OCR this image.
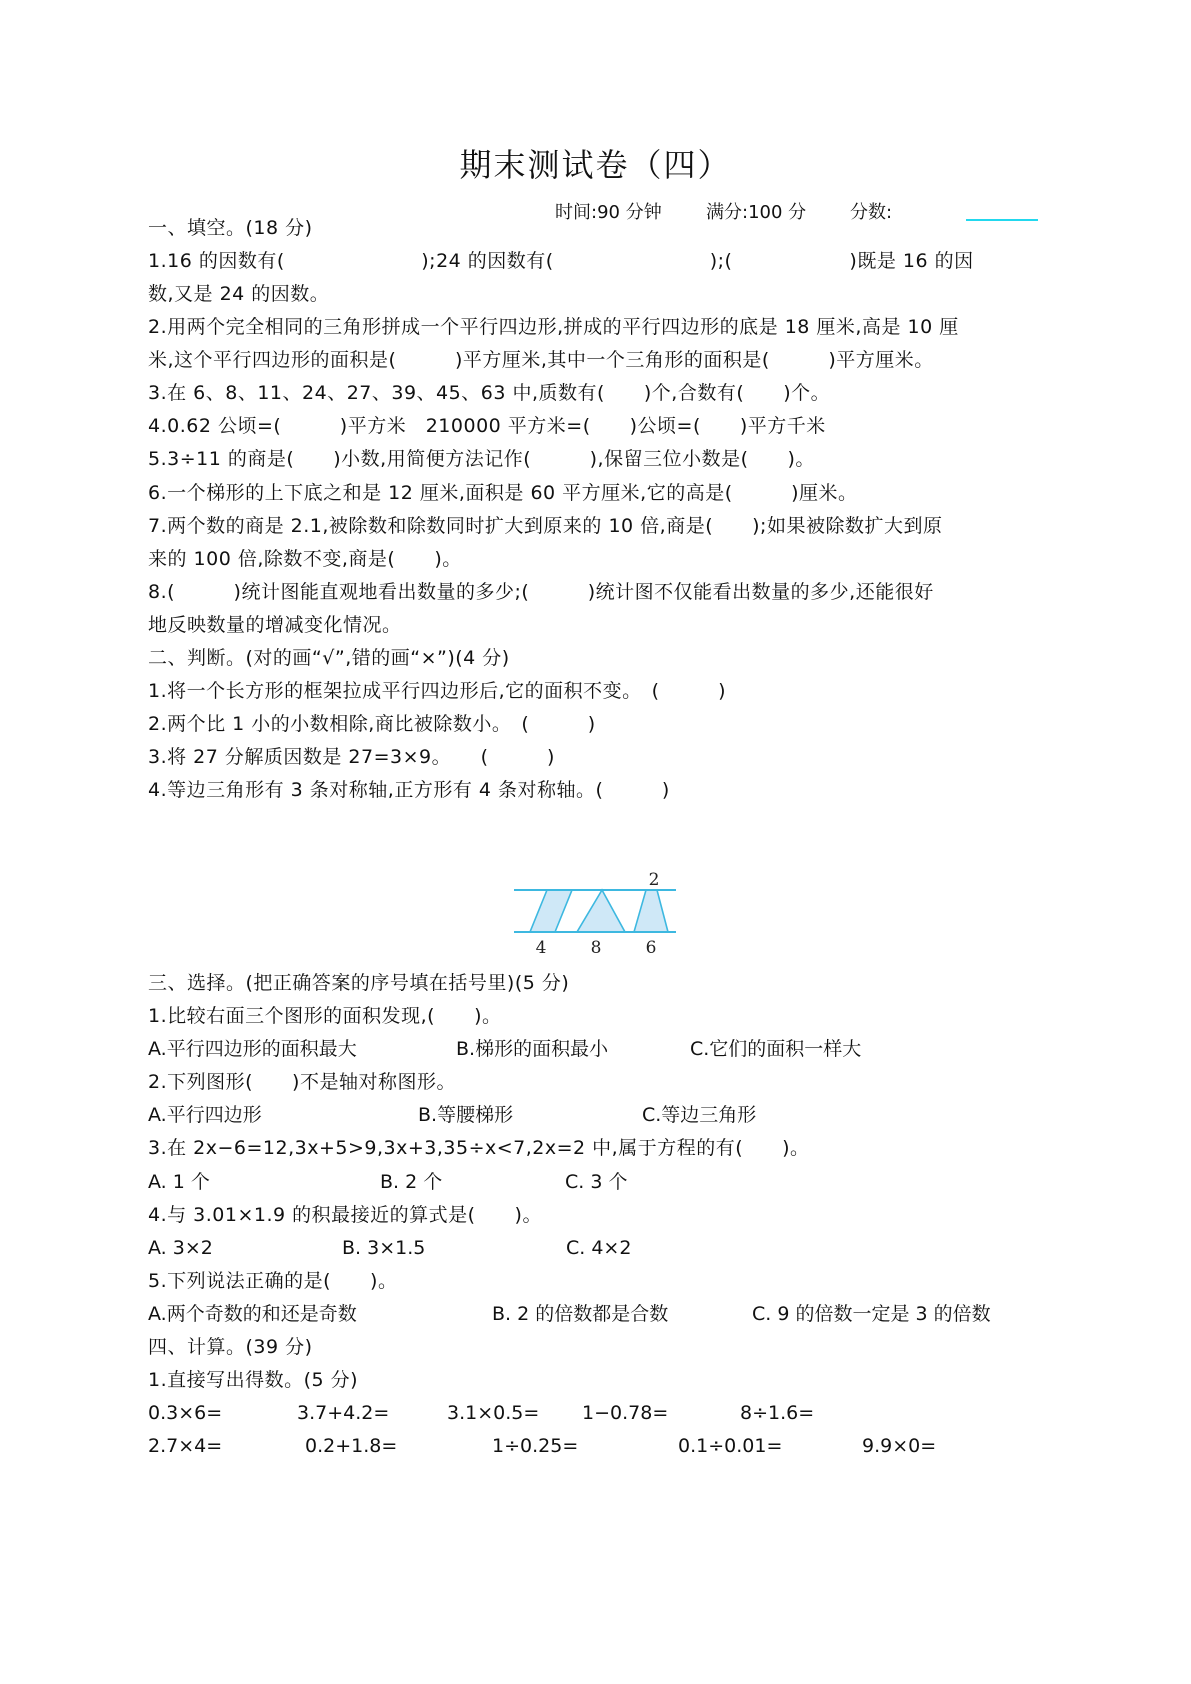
期末测试卷（四）
时间:90 分钟 满分:100 分 分数:
一、填空。(18 分)
1.16 的因数有(　　　　　　　);24 的因数有(　　　　　　　　);(　　　　　　)既是 16 的因
数,又是 24 的因数。
2.用两个完全相同的三角形拼成一个平行四边形,拼成的平行四边形的底是 18 厘米,高是 10 厘
米,这个平行四边形的面积是(　　　)平方厘米,其中一个三角形的面积是(　　　)平方厘米。
3.在 6、8、11、24、27、39、45、63 中,质数有(　　)个,合数有(　　)个。
4.0.62 公顷=(　　　)平方米　210000 平方米=(　　)公顷=(　　)平方千米
5.3÷11 的商是(　　)小数,用简便方法记作(　　　),保留三位小数是(　　)。
6.一个梯形的上下底之和是 12 厘米,面积是 60 平方厘米,它的高是(　　　)厘米。
7.两个数的商是 2.1,被除数和除数同时扩大到原来的 10 倍,商是(　　);如果被除数扩大到原
来的 100 倍,除数不变,商是(　　)。
8.(　　　)统计图能直观地看出数量的多少;(　　　)统计图不仅能看出数量的多少,还能很好
地反映数量的增减变化情况。
二、判断。(对的画“√”,错的画“×”)(4 分)
1.将一个长方形的框架拉成平行四边形后,它的面积不变。　(　　　)
2.两个比 1 小的小数相除,商比被除数小。　(　　　)
3.将 27 分解质因数是 27=3×9。　　(　　　)
4.等边三角形有 3 条对称轴,正方形有 4 条对称轴。(　　　)
4	8	6
2
三、选择。(把正确答案的序号填在括号里)(5 分)
1.比较右面三个图形的面积发现,(　　)。
A.平行四边形的面积最大	B.梯形的面积最小	C.它们的面积一样大
2.下列图形(　　)不是轴对称图形。
A.平行四边形	B.等腰梯形	C.等边三角形
3.在 2x−6=12,3x+5>9,3x+3,35÷x<7,2x=2 中,属于方程的有(　　)。
A. 1 个	B. 2 个	C. 3 个
4.与 3.01×1.9 的积最接近的算式是(　　)。
A. 3×2	B. 3×1.5	C. 4×2
5.下列说法正确的是(　　)。
A.两个奇数的和还是奇数	B. 2 的倍数都是合数	C. 9 的倍数一定是 3 的倍数
四、计算。(39 分)
1.直接写出得数。(5 分)
0.3×6=	3.7+4.2=	3.1×0.5= 1−0.78=	8÷1.6=
2.7×4=	0.2+1.8=	1÷0.25=	0.1÷0.01=	9.9×0=
